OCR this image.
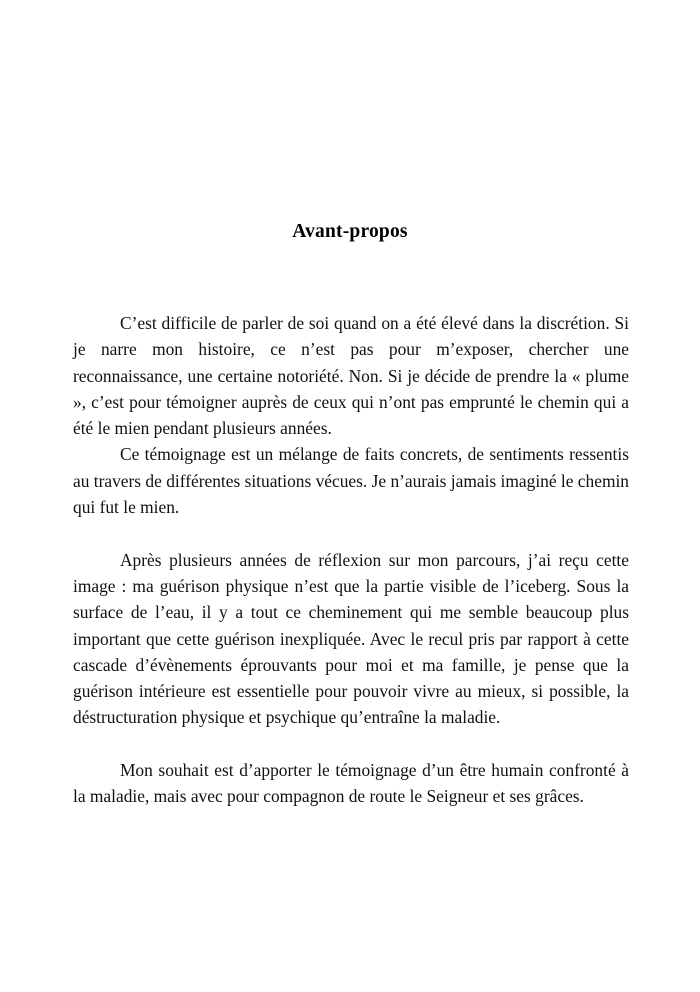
Avant-propos

C’est difficile de parler de soi quand on a été élevé dans la discrétion. Si je narre mon histoire, ce n’est pas pour m’exposer, chercher une reconnaissance, une certaine notoriété. Non. Si je décide de prendre la « plume », c’est pour témoigner auprès de ceux qui n’ont pas emprunté le chemin qui a été le mien pendant plusieurs années.

Ce témoignage est un mélange de faits concrets, de sentiments ressentis au travers de différentes situations vécues. Je n’aurais jamais imaginé le chemin qui fut le mien.

Après plusieurs années de réflexion sur mon parcours, j’ai reçu cette image : ma guérison physique n’est que la partie visible de l’iceberg. Sous la surface de l’eau, il y a tout ce cheminement qui me semble beaucoup plus important que cette guérison inexpliquée. Avec le recul pris par rapport à cette cascade d’évènements éprouvants pour moi et ma famille, je pense que la guérison intérieure est essentielle pour pouvoir vivre au mieux, si possible, la déstructuration physique et psychique qu’entraîne la maladie.

Mon souhait est d’apporter le témoignage d’un être humain confronté à la maladie, mais avec pour compagnon de route le Seigneur et ses grâces.
